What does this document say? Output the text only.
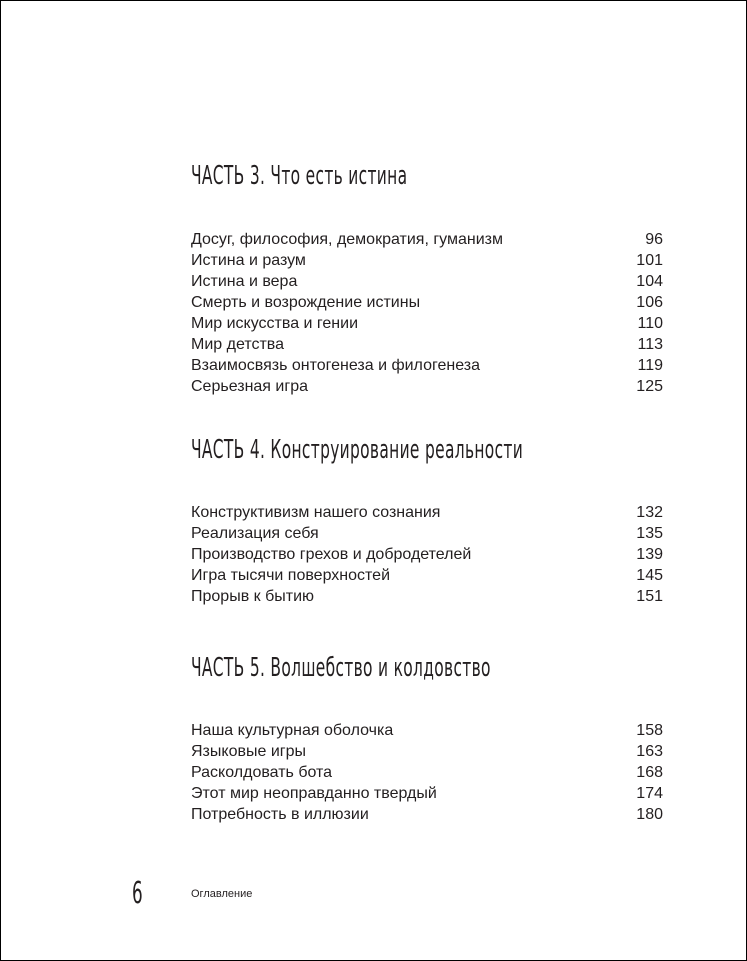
ЧАСТЬ 3. Что есть истина
Досуг, философия, демократия, гуманизм	96
Истина и разум	101
Истина и вера	104
Смерть и возрождение истины	106
Мир искусства и гении	110
Мир детства	113
Взаимосвязь онтогенеза и филогенеза	119
Серьезная игра	125
ЧАСТЬ 4. Конструирование реальности
Конструктивизм нашего сознания	132
Реализация себя	135
Производство грехов и добродетелей	139
Игра тысячи поверхностей	145
Прорыв к бытию	151
ЧАСТЬ 5. Волшебство и колдовство
Наша культурная оболочка	158
Языковые игры	163
Расколдовать бота	168
Этот мир неоправданно твердый	174
Потребность в иллюзии	180
6	Оглавление
